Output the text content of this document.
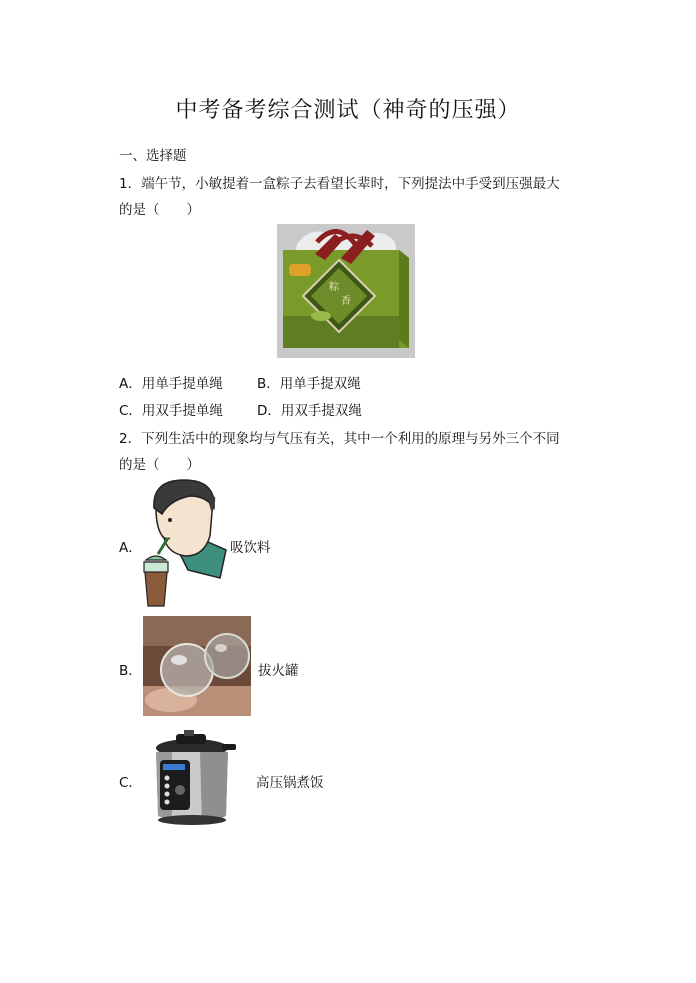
中考备考综合测试（神奇的压强）
一、选择题
1．端午节，小敏提着一盒粽子去看望长辈时，下列提法中手受到压强最大
的是（　　）
粽
香
A．用单手提单绳	B．用单手提双绳
C．用双手提单绳	D．用双手提双绳
2．下列生活中的现象均与气压有关，其中一个利用的原理与另外三个不同
的是（　　）
A．	吸饮料
B．	拔火罐
C．	高压锅煮饭
